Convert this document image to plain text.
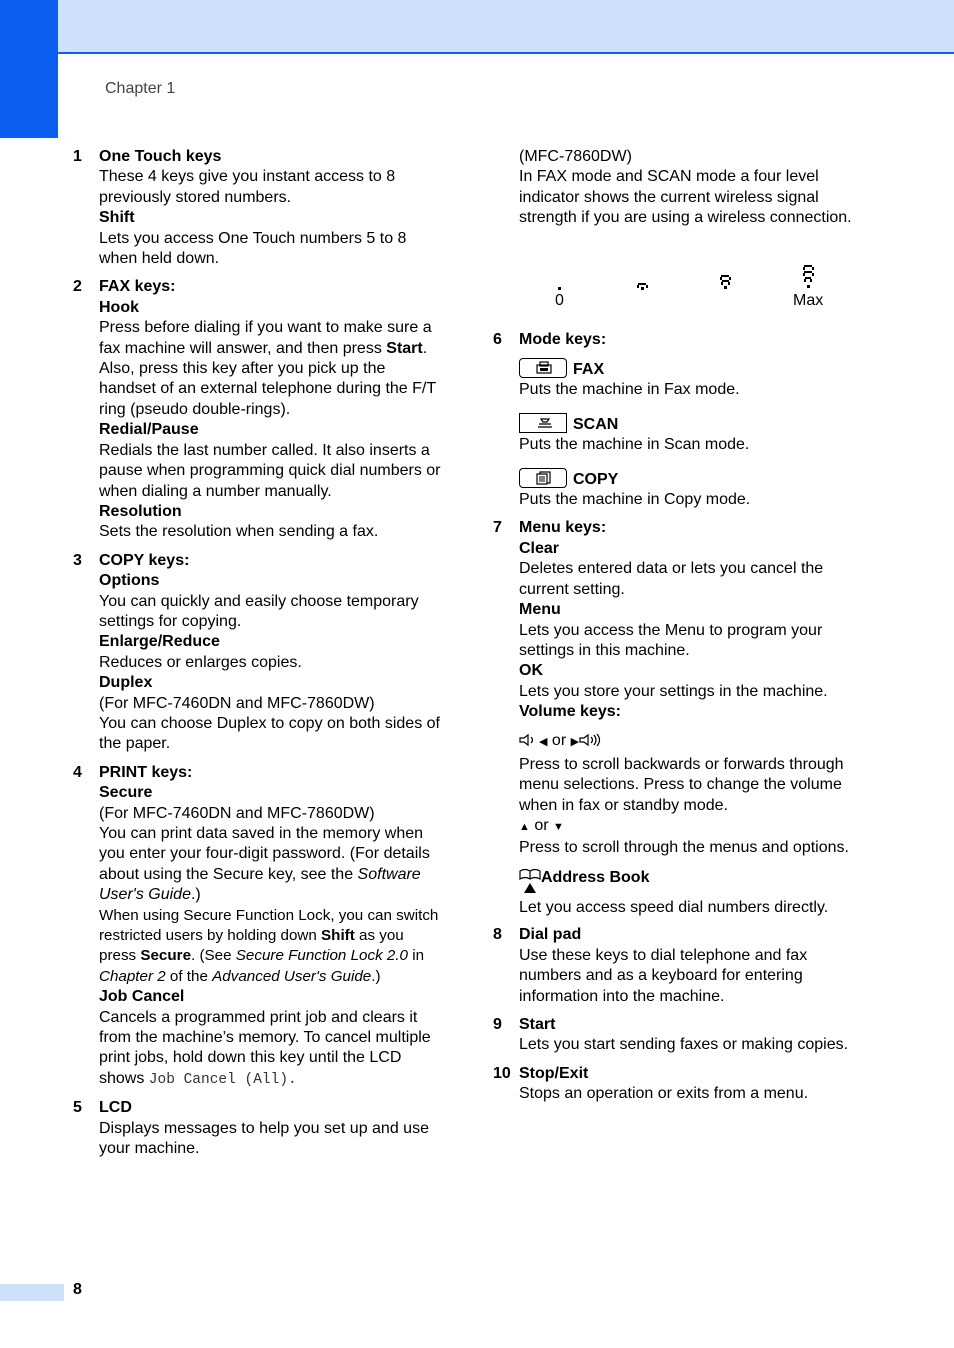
Chapter 1
1 One Touch keys

These 4 keys give you instant access to 8 previously stored numbers.

Shift

Lets you access One Touch numbers 5 to 8 when held down.

2 FAX keys:

Hook

Press before dialing if you want to make sure a fax machine will answer, and then press Start. Also, press this key after you pick up the handset of an external telephone during the F/T ring (pseudo double-rings).

Redial/Pause

Redials the last number called. It also inserts a pause when programming quick dial numbers or when dialing a number manually.

Resolution

Sets the resolution when sending a fax.

3 COPY keys:

Options

You can quickly and easily choose temporary settings for copying.

Enlarge/Reduce

Reduces or enlarges copies.

Duplex

(For MFC-7460DN and MFC-7860DW)

You can choose Duplex to copy on both sides of the paper.

4 PRINT keys:

Secure

(For MFC-7460DN and MFC-7860DW)

You can print data saved in the memory when you enter your four-digit password. (For details about using the Secure key, see the Software User's Guide.)

When using Secure Function Lock, you can switch restricted users by holding down Shift as you press Secure. (See Secure Function Lock 2.0 in Chapter 2 of the Advanced User's Guide.)

Job Cancel

Cancels a programmed print job and clears it from the machine’s memory. To cancel multiple print jobs, hold down this key until the LCD shows Job Cancel (All).

5 LCD

Displays messages to help you set up and use your machine.

(MFC-7860DW)

In FAX mode and SCAN mode a four level indicator shows the current wireless signal strength if you are using a wireless connection.

0	Max
6 Mode keys:

FAX

Puts the machine in Fax mode.

SCAN

Puts the machine in Scan mode.

COPY

Puts the machine in Copy mode.

7 Menu keys:

Clear

Deletes entered data or lets you cancel the current setting.

Menu

Lets you access the Menu to program your settings in this machine.

OK

Lets you store your settings in the machine.

Volume keys:

◀ or ▶

Press to scroll backwards or forwards through menu selections. Press to change the volume when in fax or standby mode.

▲ or ▼

Press to scroll through the menus and options.

Address Book

Let you access speed dial numbers directly.

8 Dial pad

Use these keys to dial telephone and fax numbers and as a keyboard for entering information into the machine.

9 Start

Lets you start sending faxes or making copies.

10 Stop/Exit

Stops an operation or exits from a menu.

8
